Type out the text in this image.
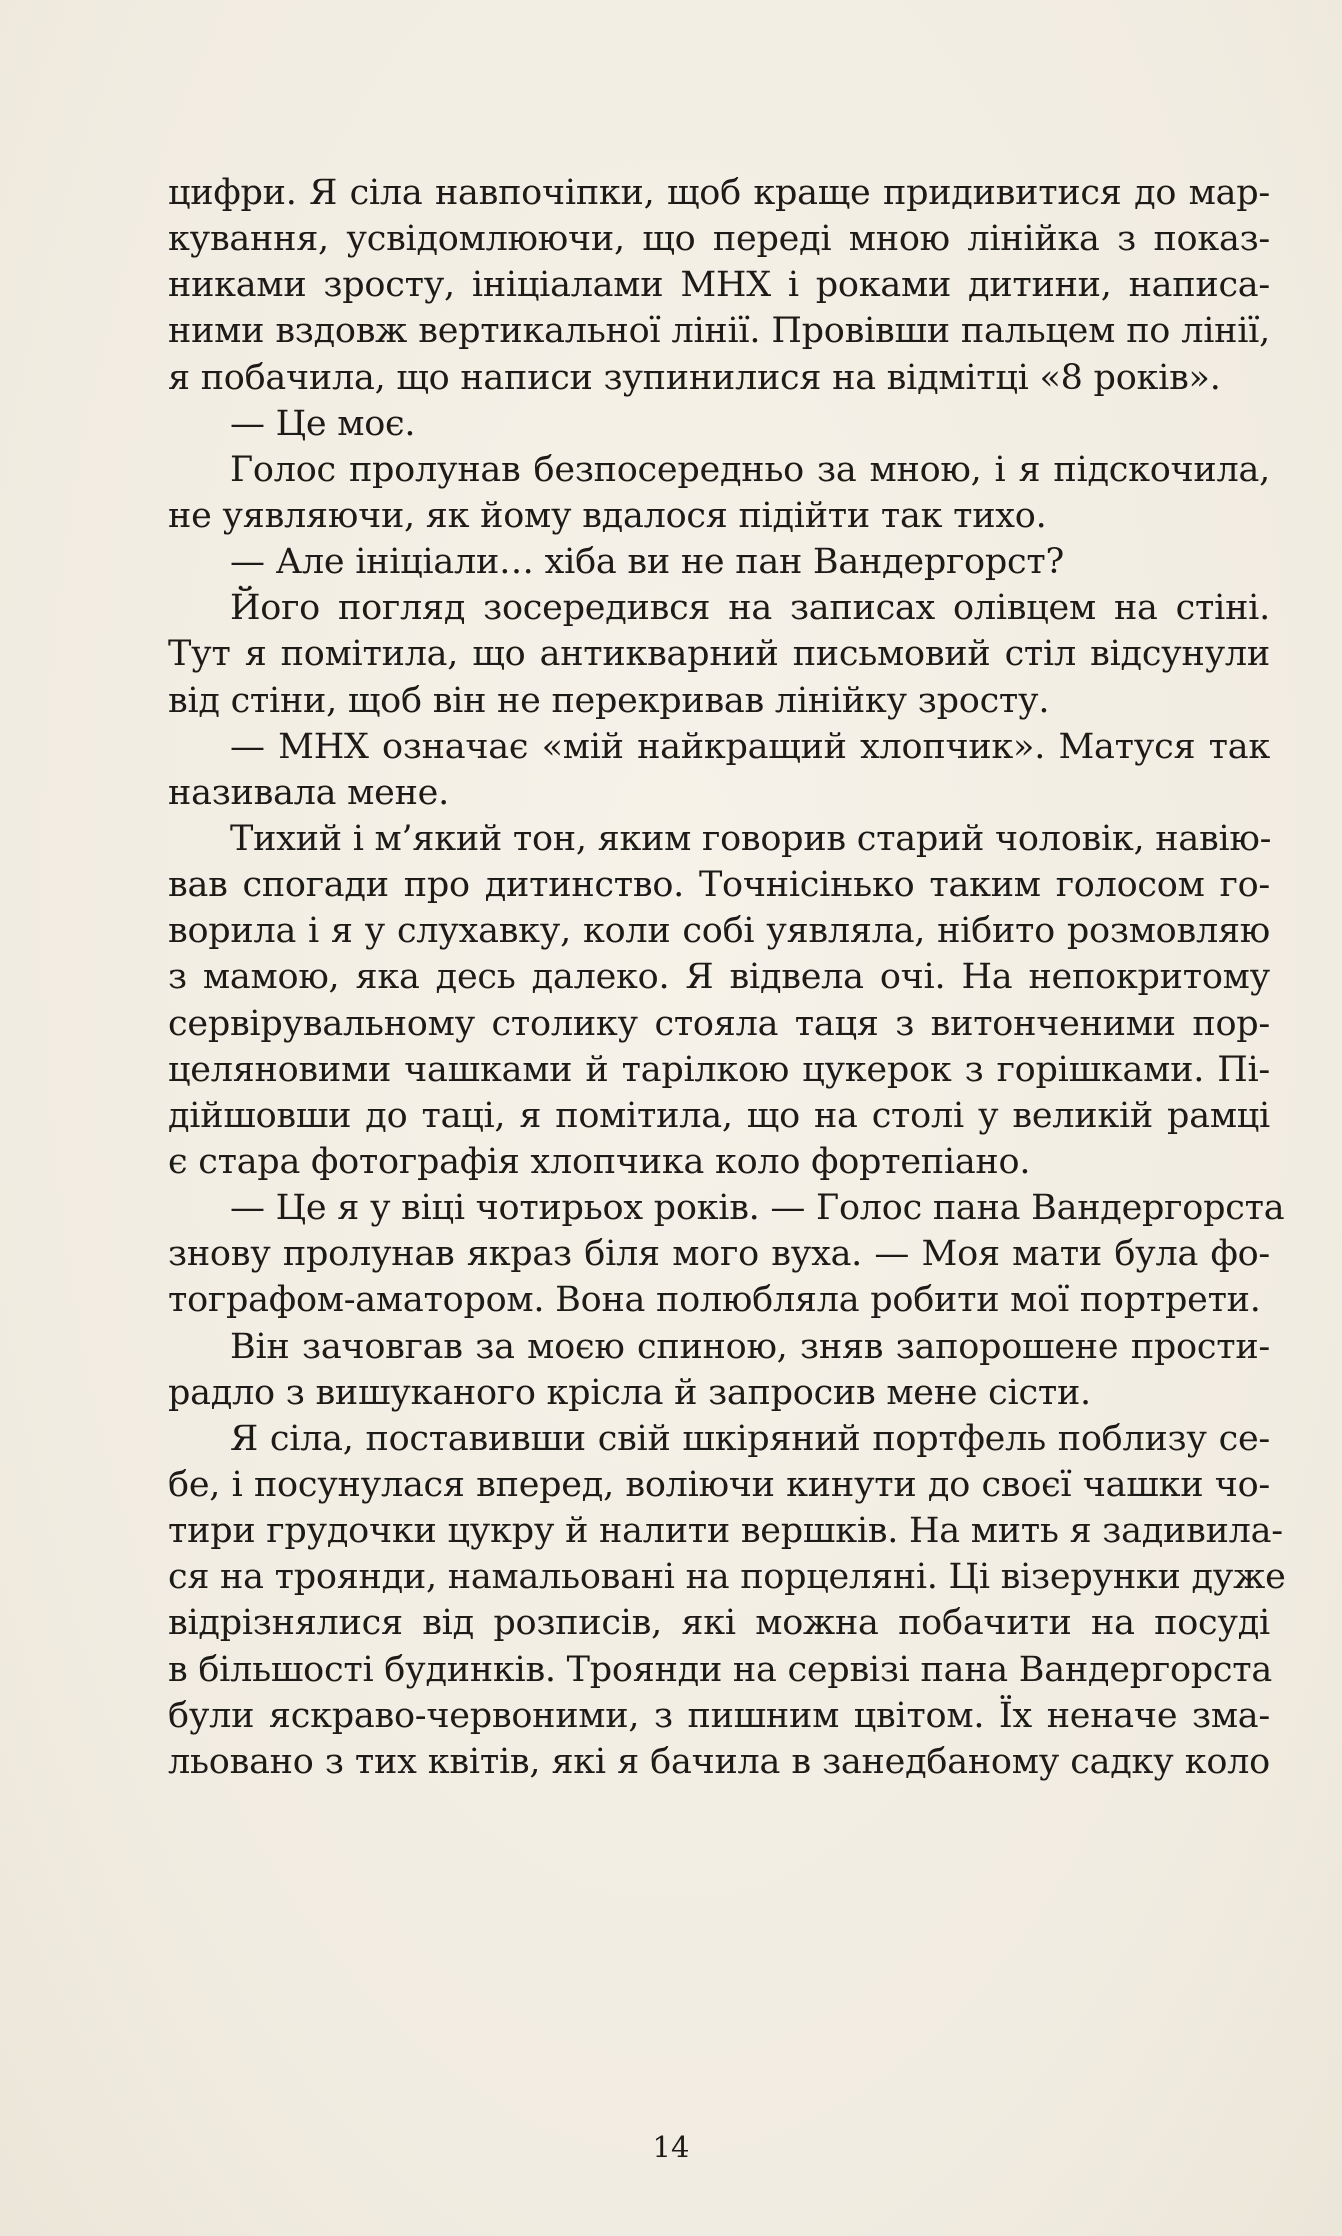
цифри. Я сіла навпочіпки, щоб краще придивитися до мар-
кування, усвідомлюючи, що переді мною лінійка з показ-
никами зросту, ініціалами МНХ і роками дитини, написа-
ними вздовж вертикальної лінії. Провівши пальцем по лінії,
я побачила, що написи зупинилися на відмітці «8 років».
— Це моє.
Голос пролунав безпосередньо за мною, і я підскочила,
не уявляючи, як йому вдалося підійти так тихо.
— Але ініціали… хіба ви не пан Вандергорст?
Його погляд зосередився на записах олівцем на стіні.
Тут я помітила, що антикварний письмовий стіл відсунули
від стіни, щоб він не перекривав лінійку зросту.
— МНХ означає «мій найкращий хлопчик». Матуся так
називала мене.
Тихий і м’який тон, яким говорив старий чоловік, навію-
вав спогади про дитинство. Точнісінько таким голосом го-
ворила і я у слухавку, коли собі уявляла, нібито розмовляю
з мамою, яка десь далеко. Я відвела очі. На непокритому
сервірувальному столику стояла таця з витонченими пор-
целяновими чашками й тарілкою цукерок з горішками. Пі-
дійшовши до таці, я помітила, що на столі у великій рамці
є стара фотографія хлопчика коло фортепіано.
— Це я у віці чотирьох років. — Голос пана Вандергорста
знову пролунав якраз біля мого вуха. — Моя мати була фо-
тографом-аматором. Вона полюбляла робити мої портрети.
Він зачовгав за моєю спиною, зняв запорошене прости-
радло з вишуканого крісла й запросив мене сісти.
Я сіла, поставивши свій шкіряний портфель поблизу се-
бе, і посунулася вперед, воліючи кинути до своєї чашки чо-
тири грудочки цукру й налити вершків. На мить я задивила-
ся на троянди, намальовані на порцеляні. Ці візерунки дуже
відрізнялися від розписів, які можна побачити на посуді
в більшості будинків. Троянди на сервізі пана Вандергорста
були яскраво-червоними, з пишним цвітом. Їх неначе зма-
льовано з тих квітів, які я бачила в занедбаному садку коло
14
